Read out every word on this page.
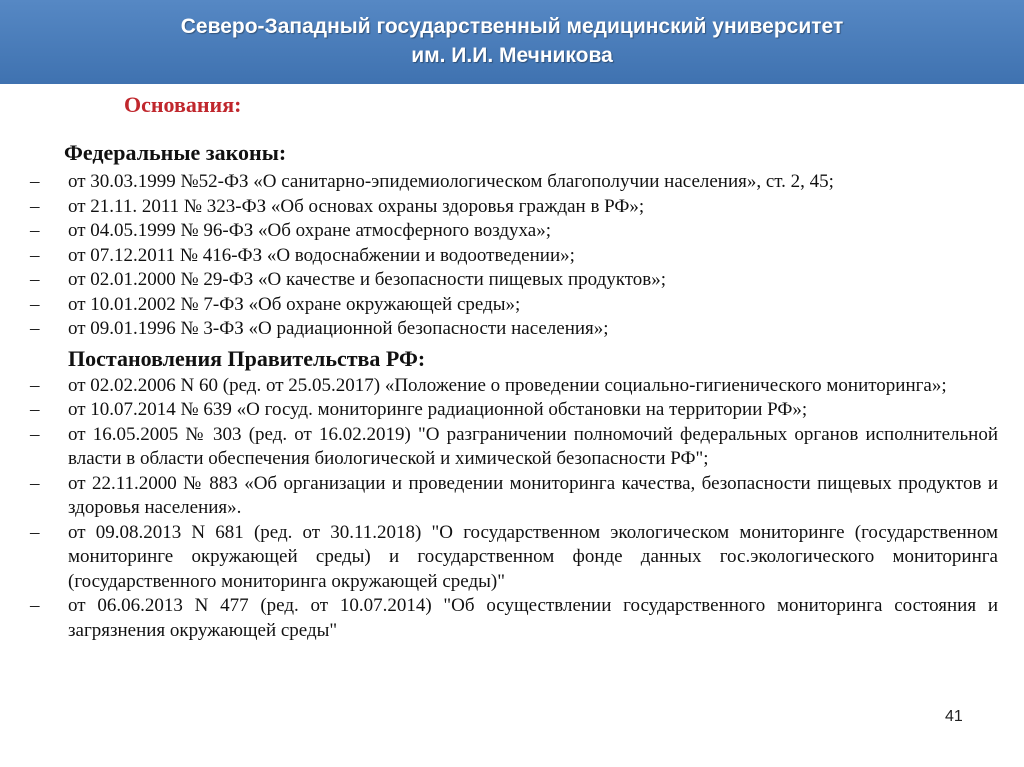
Северо-Западный государственный медицинский университет
им. И.И. Мечникова
Основания:
Федеральные законы:
–	от 30.03.1999 №52-ФЗ «О санитарно-эпидемиологическом благополучии населения», ст. 2, 45;
–	от 21.11. 2011 № 323-ФЗ «Об основах охраны здоровья граждан в РФ»;
–	от 04.05.1999 № 96-ФЗ «Об охране атмосферного воздуха»;
–	от 07.12.2011 № 416-ФЗ «О водоснабжении и водоотведении»;
–	от 02.01.2000 № 29-ФЗ «О качестве и безопасности пищевых продуктов»;
–	от 10.01.2002 № 7-ФЗ «Об охране окружающей среды»;
–	от 09.01.1996 № 3-ФЗ «О радиационной безопасности населения»;
Постановления Правительства РФ:
–	от 02.02.2006 N 60 (ред. от 25.05.2017) «Положение о проведении социально-гигиенического мониторинга»;
–	от 10.07.2014 № 639 «О госуд. мониторинге радиационной обстановки на территории РФ»;
–	от 16.05.2005 № 303 (ред. от 16.02.2019) "О разграничении полномочий федеральных органов исполнительной власти в области обеспечения биологической и химической безопасности РФ";
–	от 22.11.2000 № 883 «Об организации и проведении мониторинга качества, безопасности пищевых продуктов и здоровья населения».
–	от 09.08.2013 N 681 (ред. от 30.11.2018) "О государственном экологическом мониторинге (государственном мониторинге окружающей среды) и государственном фонде данных гос.экологического мониторинга (государственного мониторинга окружающей среды)"
–	от 06.06.2013 N 477 (ред. от 10.07.2014) "Об осуществлении государственного мониторинга состояния и загрязнения окружающей среды"
41
